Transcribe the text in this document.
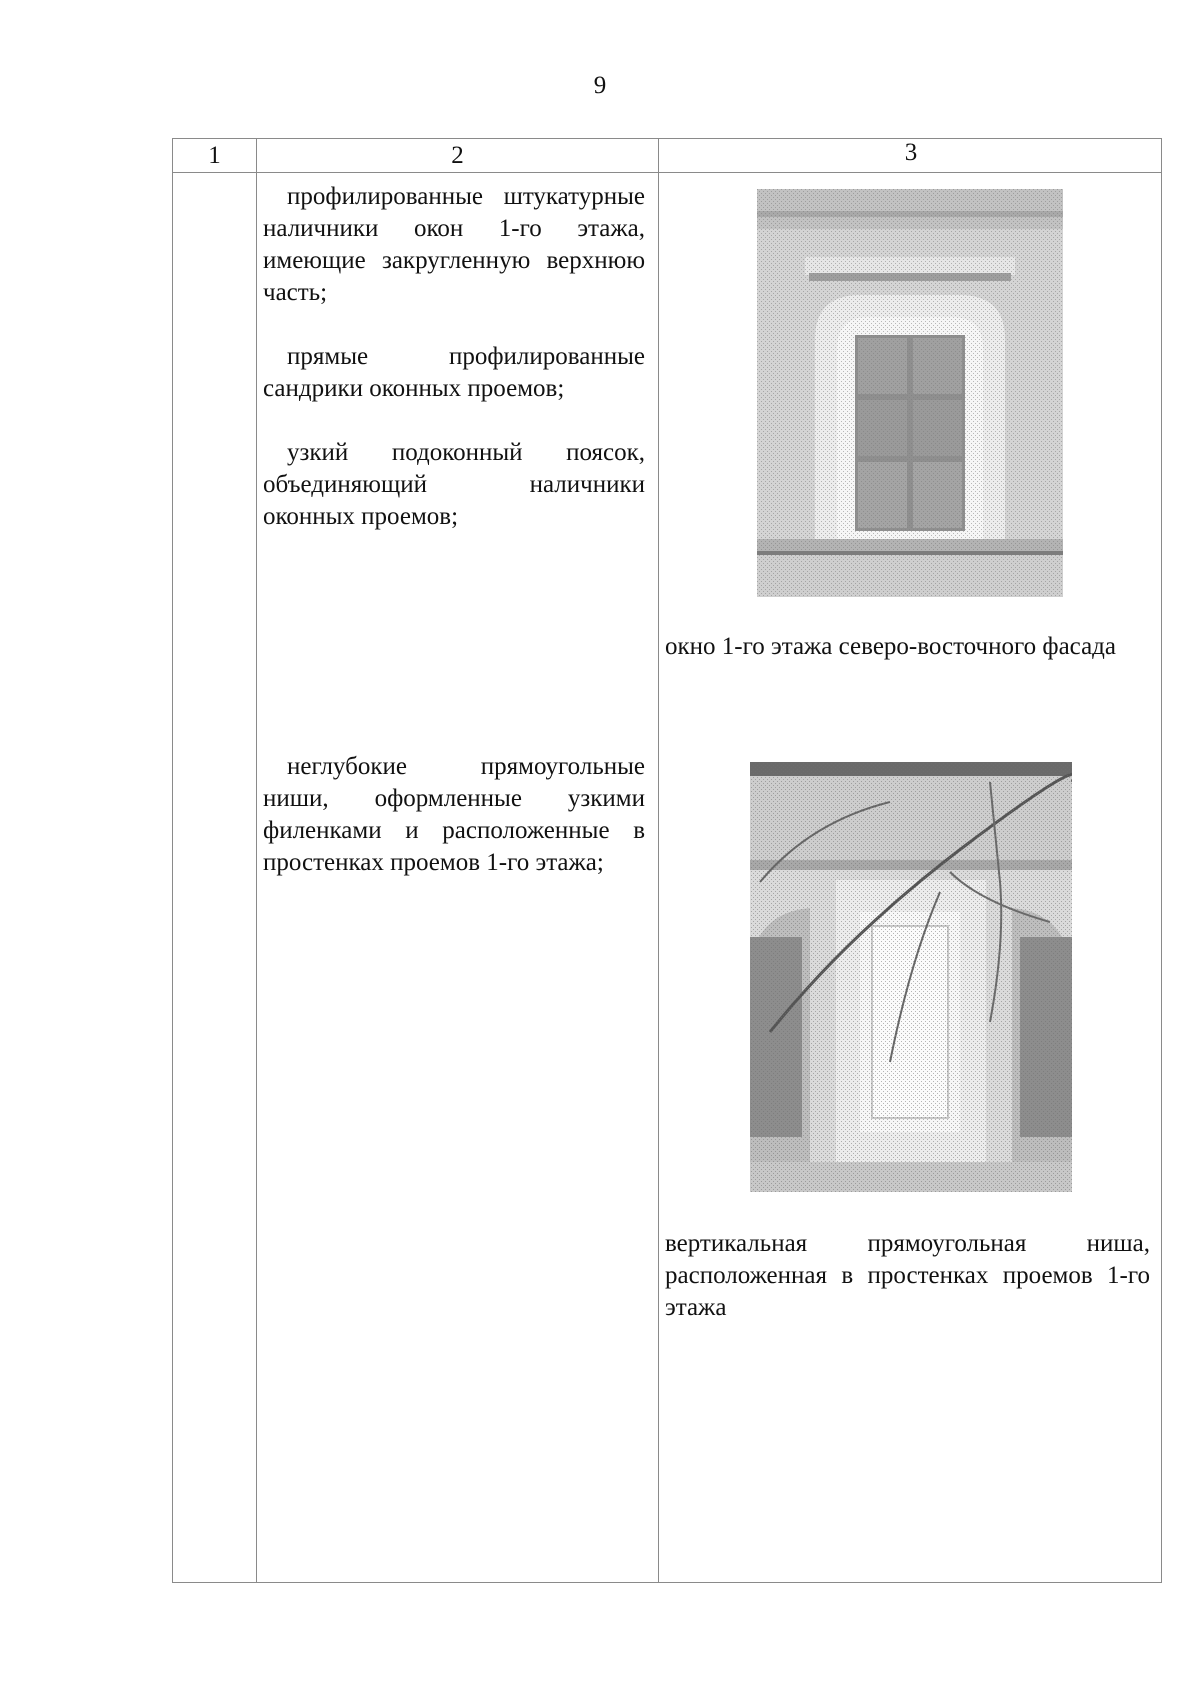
9
1	2	3

профилированные штукатурные наличники окон 1-го этажа, имеющие закругленную верхнюю часть;

прямые профилированные сандрики оконных проемов;

узкий подоконный поясок, объединяющий наличники оконных проемов;

неглубокие прямоугольные ниши, оформленные узкими филенками и расположенные в простенках проемов 1-го этажа;

окно 1-го этажа северо-восточного фасада

вертикальная прямоугольная ниша, расположенная в простенках проемов 1-го этажа
